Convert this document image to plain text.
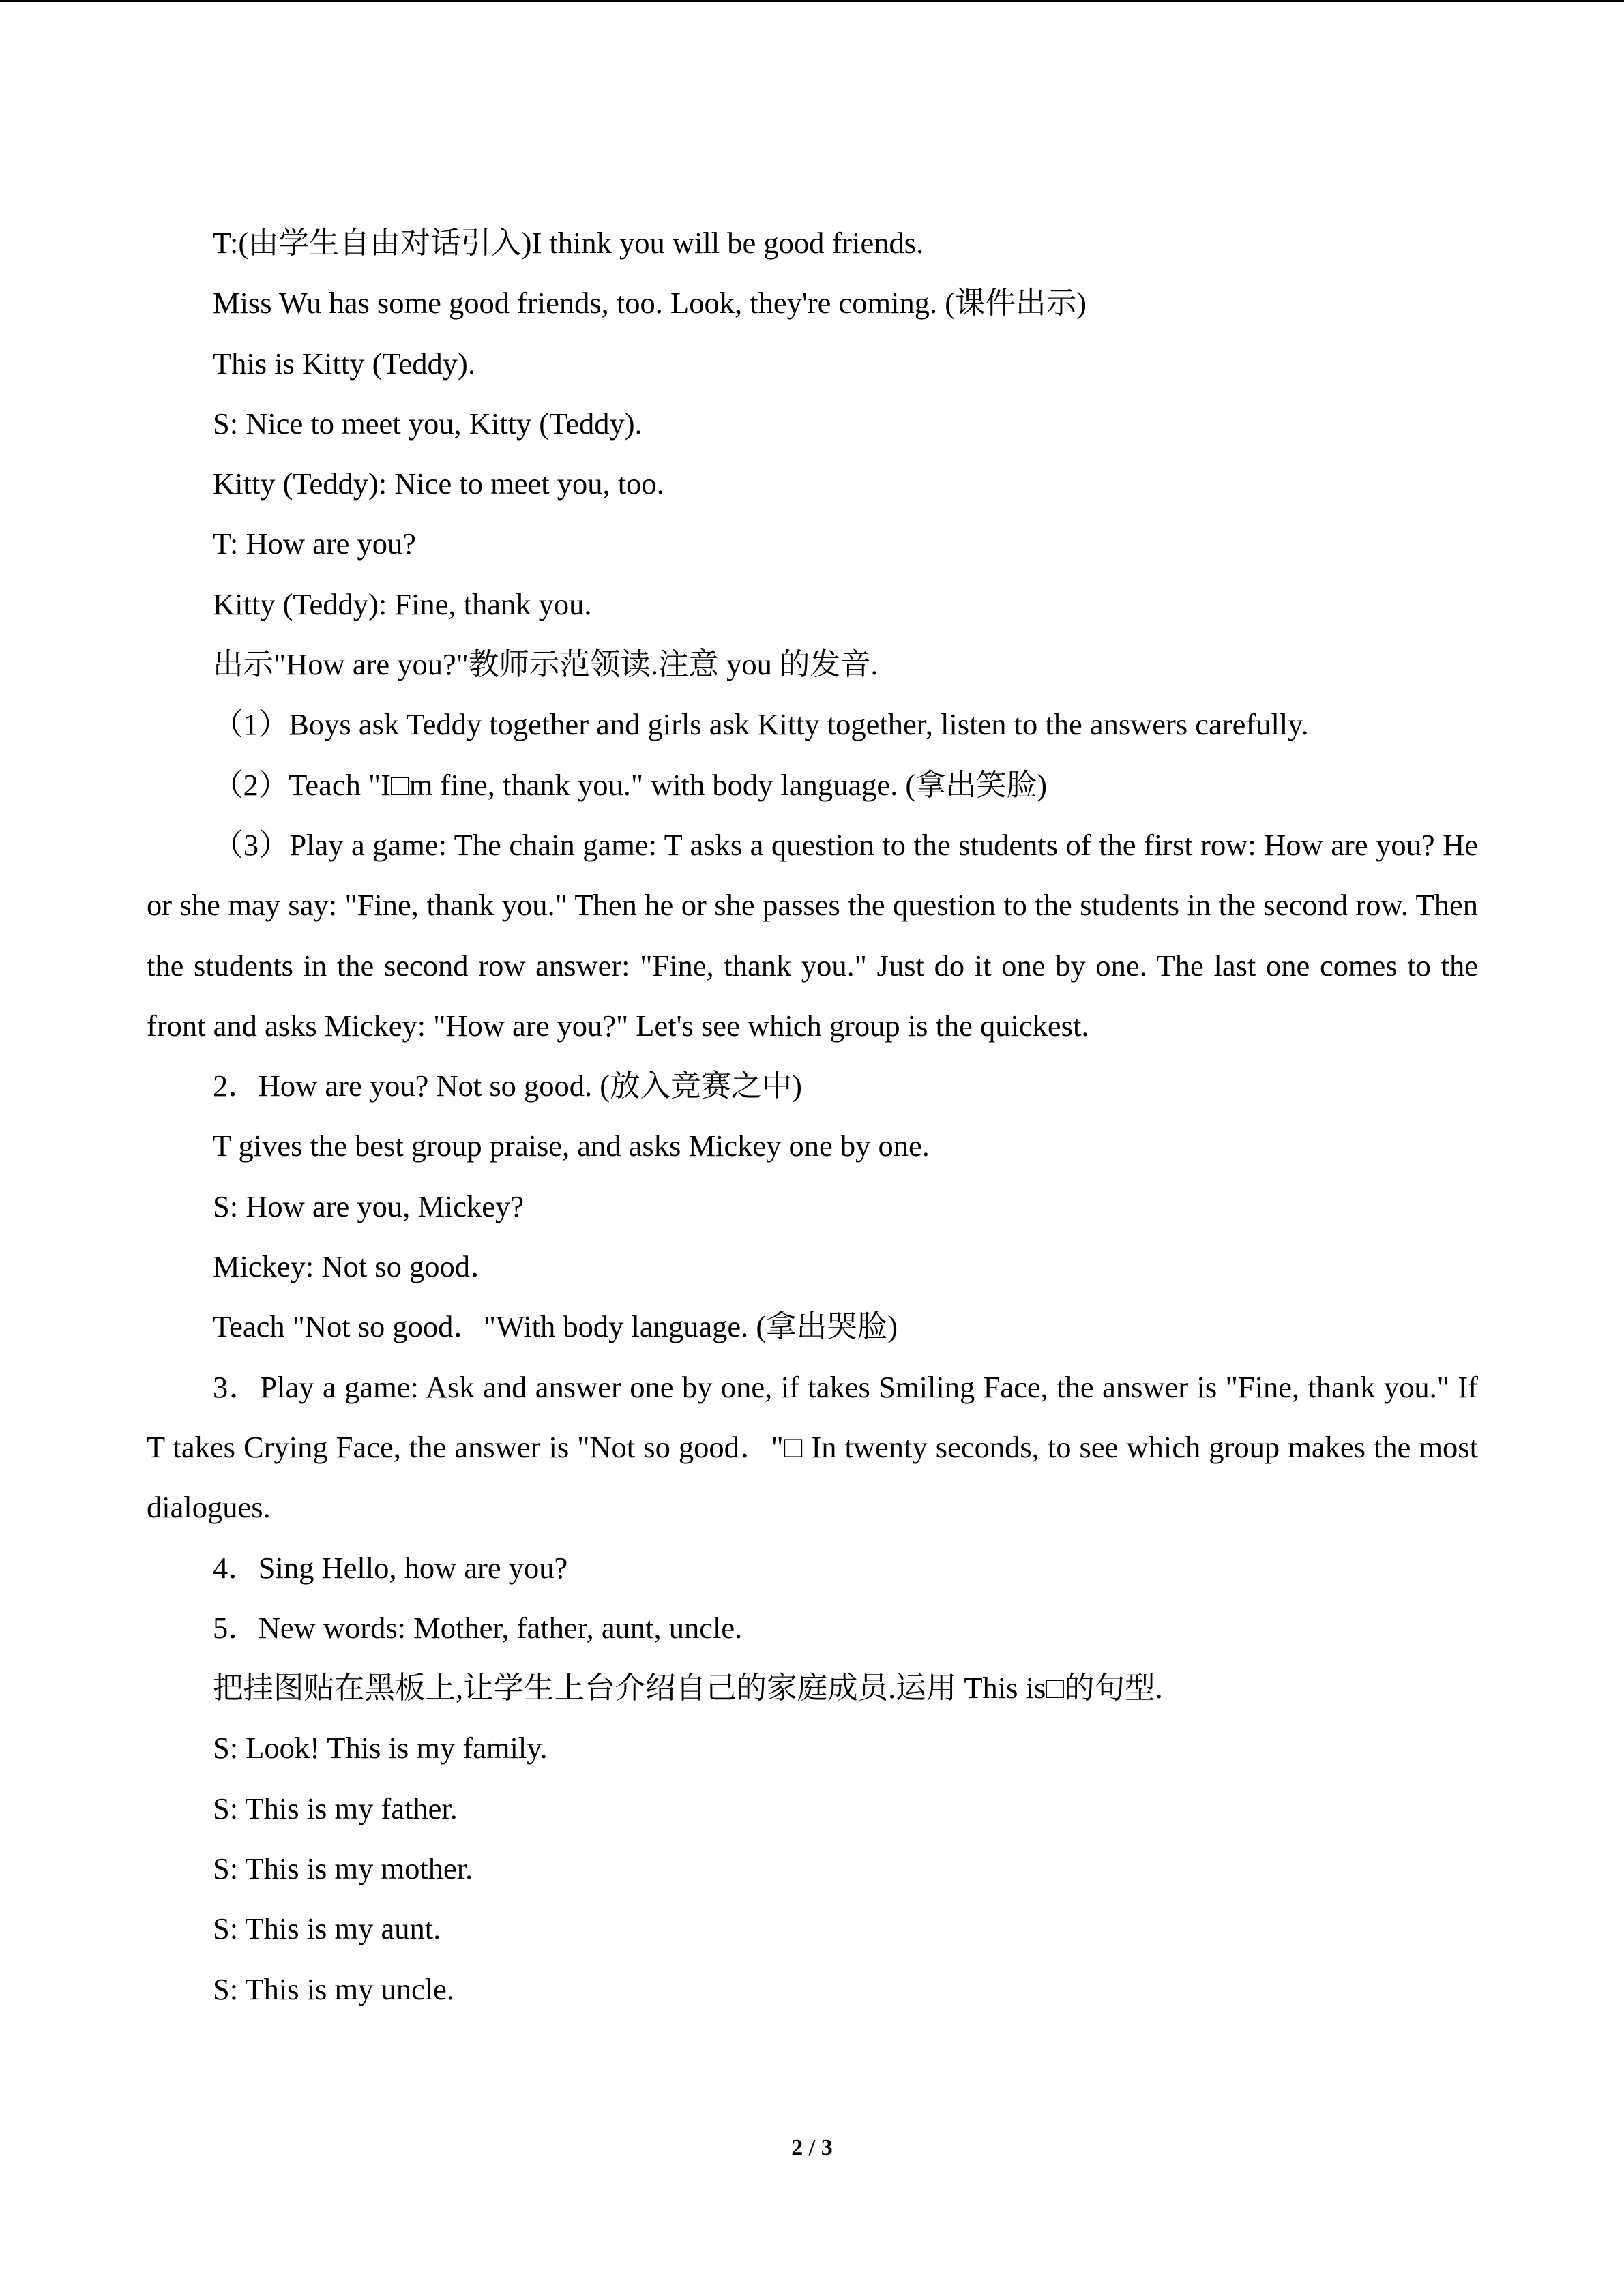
T:(由学生自由对话引入)I think you will be good friends.

Miss Wu has some good friends, too. Look, they're coming. (课件出示)

This is Kitty (Teddy).

S: Nice to meet you, Kitty (Teddy).

Kitty (Teddy): Nice to meet you, too.

T: How are you?

Kitty (Teddy): Fine, thank you.

出示"How are you?"教师示范领读.注意 you 的发音.

（1）Boys ask Teddy together and girls ask Kitty together, listen to the answers carefully.

（2）Teach "I□m fine, thank you." with body language. (拿出笑脸)

（3）Play a game: The chain game: T asks a question to the students of the first row: How are you? He or she may say: "Fine, thank you." Then he or she passes the question to the students in the second row. Then the students in the second row answer: "Fine, thank you." Just do it one by one. The last one comes to the front and asks Mickey: "How are you?" Let's see which group is the quickest.

2．How are you? Not so good. (放入竞赛之中)

T gives the best group praise, and asks Mickey one by one.

S: How are you, Mickey?

Mickey: Not so good．

Teach "Not so good．"With body language. (拿出哭脸)

3．Play a game: Ask and answer one by one, if takes Smiling Face, the answer is "Fine, thank you." If T takes Crying Face, the answer is "Not so good．"□ In twenty seconds, to see which group makes the most dialogues.

4．Sing Hello, how are you?

5．New words: Mother, father, aunt, uncle.

把挂图贴在黑板上,让学生上台介绍自己的家庭成员.运用 This is□的句型.

S: Look! This is my family.

S: This is my father.

S: This is my mother.

S: This is my aunt.

S: This is my uncle.

2 / 3
